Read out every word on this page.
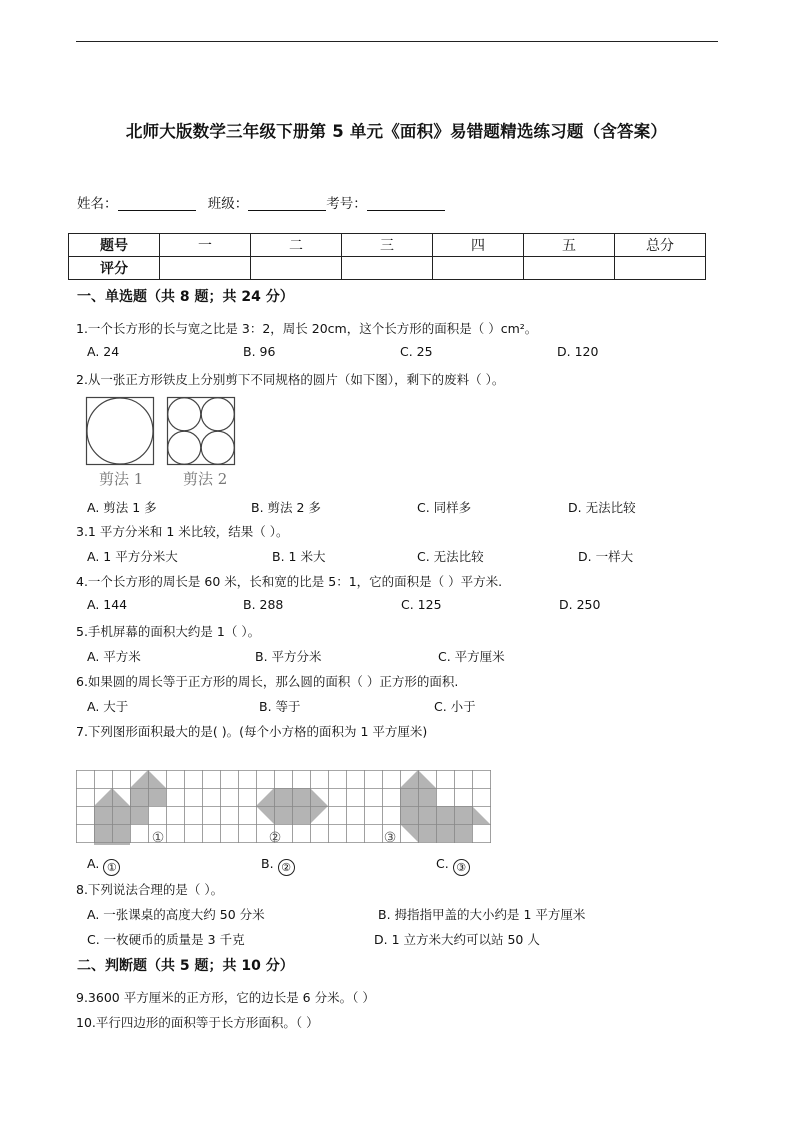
北师大版数学三年级下册第 5 单元《面积》易错题精选练习题（含答案）
姓名：	班级：	考号：
题号	一	二	三	四	五	总分
评分						
一、单选题（共 8 题；共 24 分）
1.一个长方形的长与宽之比是 3：2，周长 20cm，这个长方形的面积是（ ）cm²。
A. 24	B. 96	C. 25	D. 120
2.从一张正方形铁皮上分别剪下不同规格的圆片（如下图），剩下的废料（ ）。
剪法 1	剪法 2
A. 剪法 1 多	B. 剪法 2 多	C. 同样多	D. 无法比较
3.1 平方分米和 1 米比较，结果（ ）。
A. 1 平方分米大	B. 1 米大	C. 无法比较	D. 一样大
4.一个长方形的周长是 60 米，长和宽的比是 5：1，它的面积是（ ）平方米.
A. 144	B. 288	C. 125	D. 250
5.手机屏幕的面积大约是 1（ ）。
A. 平方米	B. 平方分米	C. 平方厘米
6.如果圆的周长等于正方形的周长，那么圆的面积（ ）正方形的面积.
A. 大于	B. 等于	C. 小于
7.下列图形面积最大的是( )。(每个小方格的面积为 1 平方厘米)
①	②	③
A. ①	B. ②	C. ③
8.下列说法合理的是（ ）。
A. 一张课桌的高度大约 50 分米	B. 拇指指甲盖的大小约是 1 平方厘米
C. 一枚硬币的质量是 3 千克	D. 1 立方米大约可以站 50 人
二、判断题（共 5 题；共 10 分）
9.3600 平方厘米的正方形，它的边长是 6 分米。（ ）
10.平行四边形的面积等于长方形面积。（ ）
